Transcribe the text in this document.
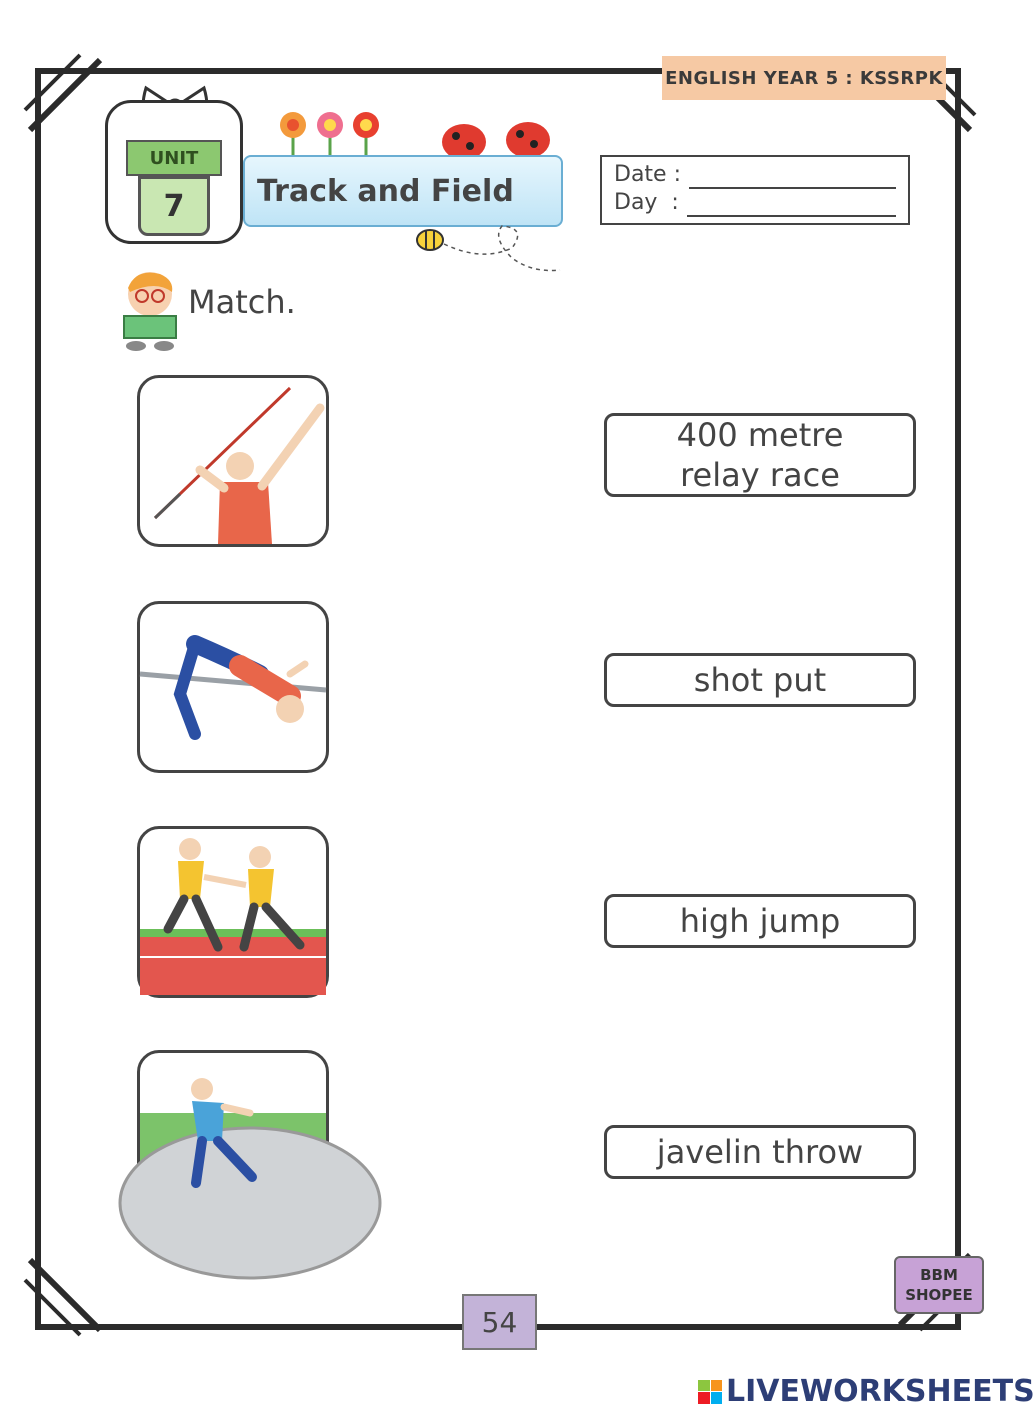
ENGLISH YEAR 5 : KSSRPK
UNIT
7	Track and Field	Date :
Day  :
Match.
400 metre
relay race
shot put
high jump
javelin throw
54
BBM
SHOPEE
LIVEWORKSHEETS
